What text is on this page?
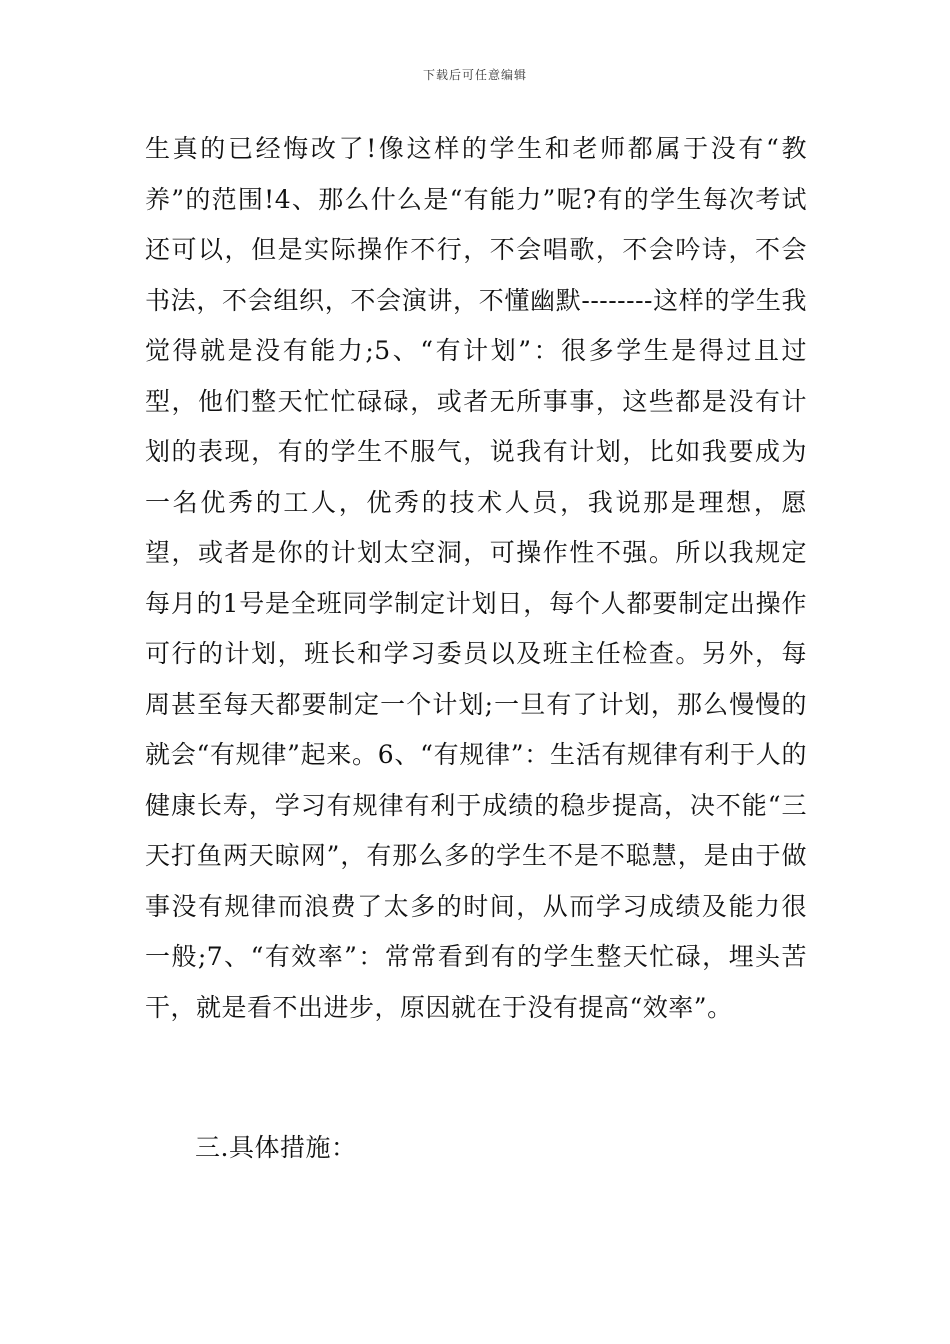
下载后可任意编辑

生真的已经悔改了!像这样的学生和老师都属于没有“教养”的范围!4、那么什么是“有能力”呢?有的学生每次考试还可以，但是实际操作不行，不会唱歌，不会吟诗，不会书法，不会组织，不会演讲，不懂幽默--------这样的学生我觉得就是没有能力;5、“有计划”：很多学生是得过且过型，他们整天忙忙碌碌，或者无所事事，这些都是没有计划的表现，有的学生不服气，说我有计划，比如我要成为一名优秀的工人，优秀的技术人员，我说那是理想，愿望，或者是你的计划太空洞，可操作性不强。所以我规定每月的1号是全班同学制定计划日，每个人都要制定出操作可行的计划，班长和学习委员以及班主任检查。另外，每周甚至每天都要制定一个计划;一旦有了计划，那么慢慢的就会“有规律”起来。6、“有规律”：生活有规律有利于人的健康长寿，学习有规律有利于成绩的稳步提高，决不能“三天打鱼两天晾网”，有那么多的学生不是不聪慧，是由于做事没有规律而浪费了太多的时间，从而学习成绩及能力很一般;7、“有效率”：常常看到有的学生整天忙碌，埋头苦干，就是看不出进步，原因就在于没有提高“效率”。

三.具体措施：
